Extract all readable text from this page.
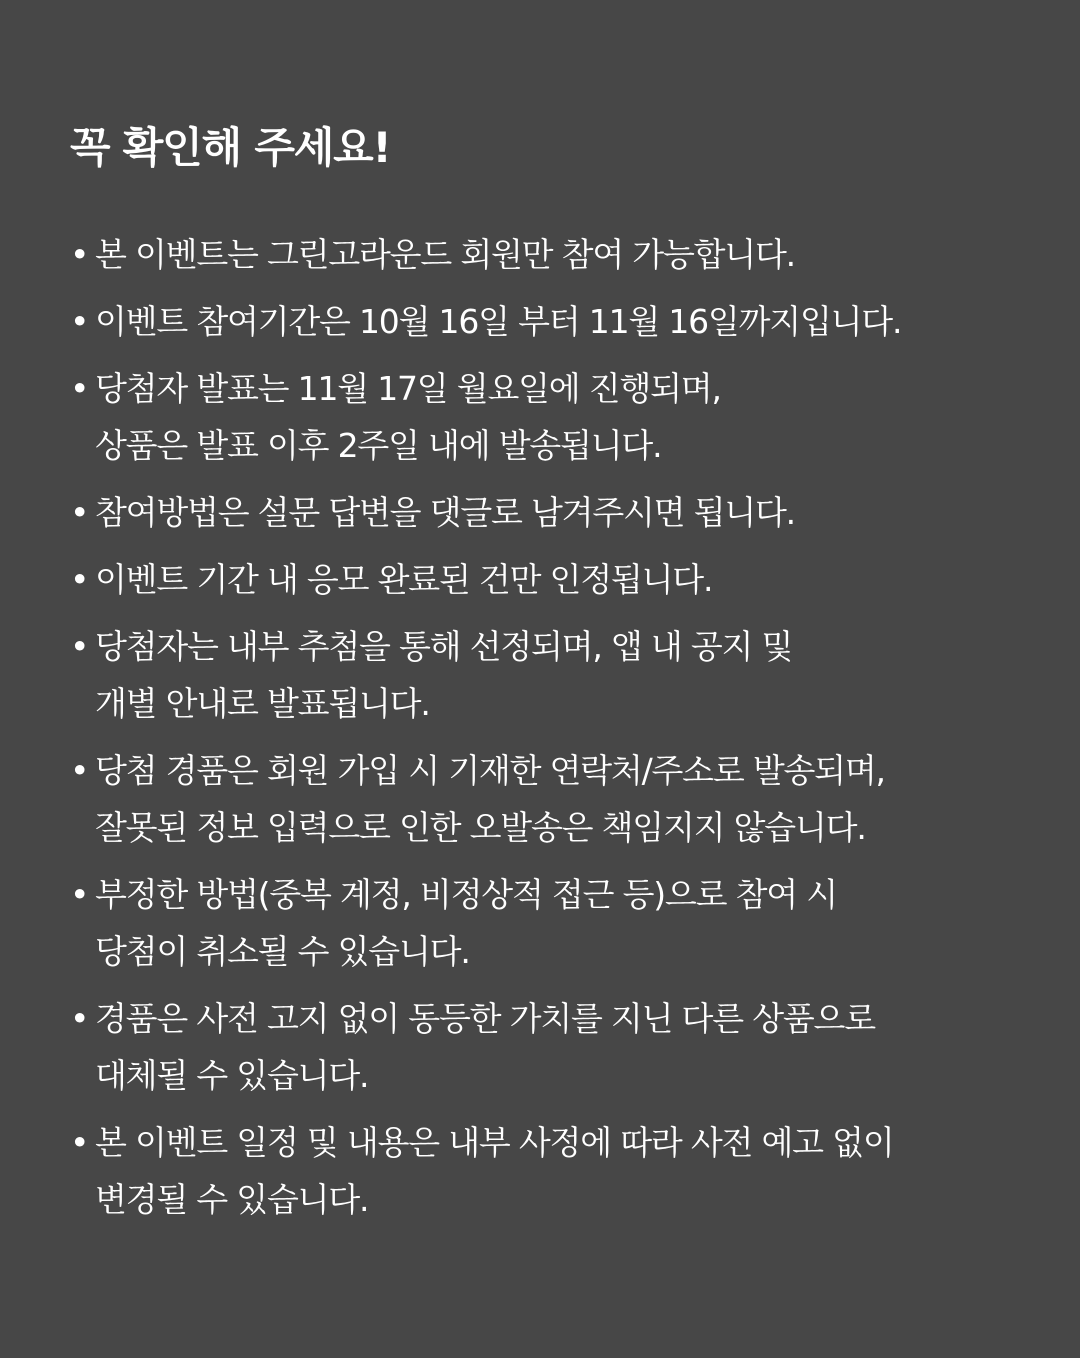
꼭 확인해 주세요!
• 본 이벤트는 그린고라운드 회원만 참여 가능합니다.
• 이벤트 참여기간은 10월 16일 부터 11월 16일까지입니다.
• 당첨자 발표는 11월 17일 월요일에 진행되며,
상품은 발표 이후 2주일 내에 발송됩니다.
• 참여방법은 설문 답변을 댓글로 남겨주시면 됩니다.
• 이벤트 기간 내 응모 완료된 건만 인정됩니다.
• 당첨자는 내부 추첨을 통해 선정되며, 앱 내 공지 및
개별 안내로 발표됩니다.
• 당첨 경품은 회원 가입 시 기재한 연락처/주소로 발송되며,
잘못된 정보 입력으로 인한 오발송은 책임지지 않습니다.
• 부정한 방법(중복 계정, 비정상적 접근 등)으로 참여 시
당첨이 취소될 수 있습니다.
• 경품은 사전 고지 없이 동등한 가치를 지닌 다른 상품으로
대체될 수 있습니다.
• 본 이벤트 일정 및 내용은 내부 사정에 따라 사전 예고 없이
변경될 수 있습니다.
